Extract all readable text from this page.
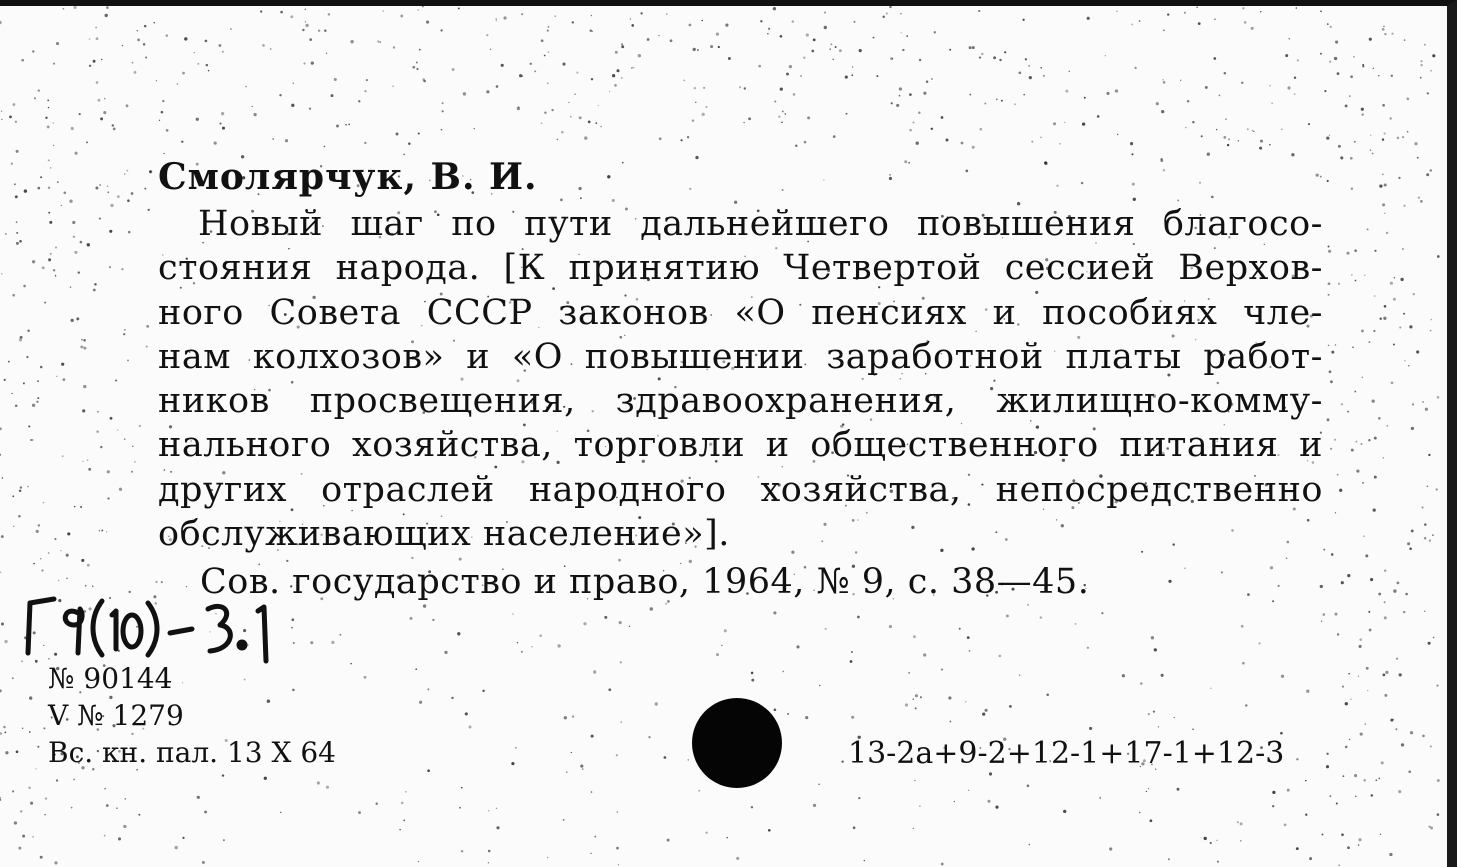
Смолярчук, В. И.

Новый шаг по пути дальнейшего повышения благосо-
стояния народа. [К принятию Четвертой сессией Верхов-
ного Совета СССР законов «О пенсиях и пособиях чле-
нам колхозов» и «О повышении заработной платы работ-
ников просвещения, здравоохранения, жилищно-комму-
нального хозяйства, торговли и общественного питания и
других отраслей народного хозяйства, непосредственно
обслуживающих население»].

Сов. государство и право, 1964, № 9, с. 38—45.

№ 90144
V № 1279
Вс. кн. пал. 13 X 64	13-2а+9-2+12-1+17-1+12-3
